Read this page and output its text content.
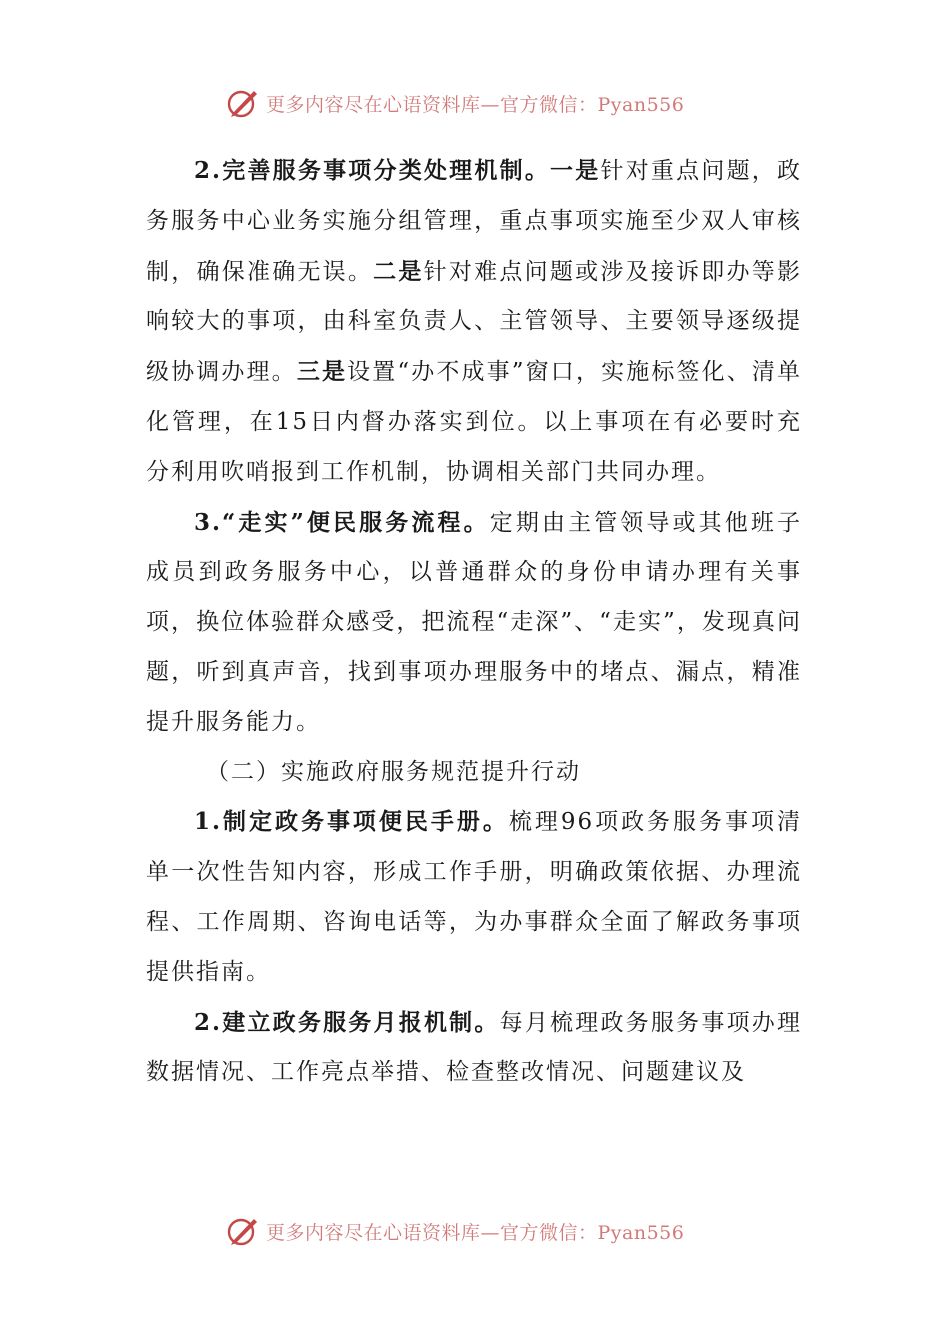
更多内容尽在心语资料库—官方微信：Pyan556

2.完善服务事项分类处理机制。一是针对重点问题，政务服务中心业务实施分组管理，重点事项实施至少双人审核制，确保准确无误。二是针对难点问题或涉及接诉即办等影响较大的事项，由科室负责人、主管领导、主要领导逐级提级协调办理。三是设置“办不成事”窗口，实施标签化、清单化管理，在15日内督办落实到位。以上事项在有必要时充分利用吹哨报到工作机制，协调相关部门共同办理。

3.“走实”便民服务流程。定期由主管领导或其他班子成员到政务服务中心，以普通群众的身份申请办理有关事项，换位体验群众感受，把流程“走深”、“走实”，发现真问题，听到真声音，找到事项办理服务中的堵点、漏点，精准提升服务能力。

（二）实施政府服务规范提升行动

1.制定政务事项便民手册。梳理96项政务服务事项清单一次性告知内容，形成工作手册，明确政策依据、办理流程、工作周期、咨询电话等，为办事群众全面了解政务事项提供指南。

2.建立政务服务月报机制。每月梳理政务服务事项办理数据情况、工作亮点举措、检查整改情况、问题建议及

更多内容尽在心语资料库—官方微信：Pyan556
